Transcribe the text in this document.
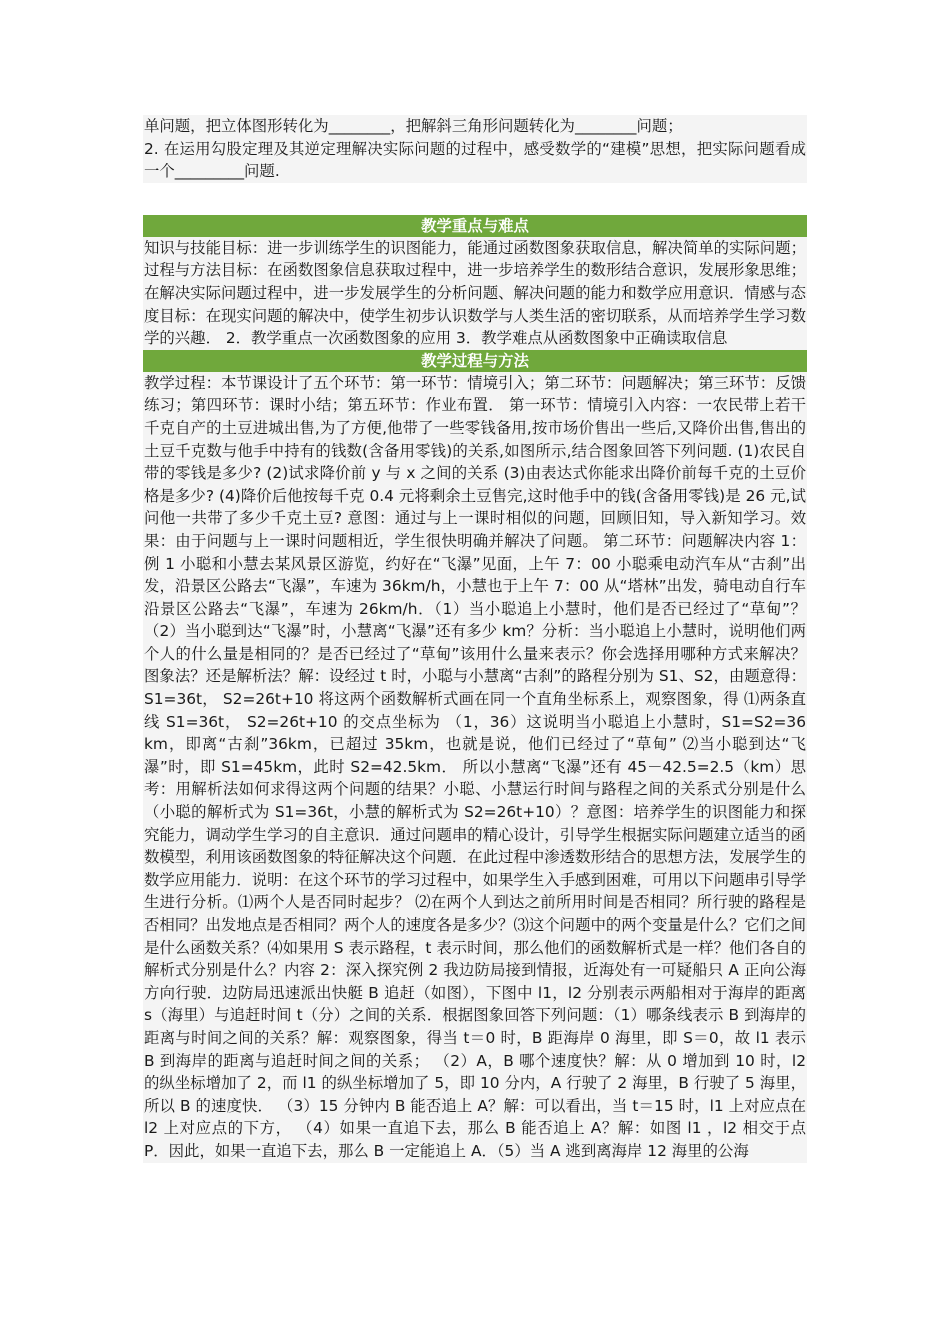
单问题，把立体图形转化为________，把解斜三角形问题转化为________问题；
2. 在运用勾股定理及其逆定理解决实际问题的过程中，感受数学的“建模”思想，把实际问题看成一个_________问题.
教学重点与难点
知识与技能目标：进一步训练学生的识图能力，能通过函数图象获取信息，解决简单的实际问题；过程与方法目标：在函数图象信息获取过程中，进一步培养学生的数形结合意识，发展形象思维；在解决实际问题过程中，进一步发展学生的分析问题、解决问题的能力和数学应用意识．情感与态度目标：在现实问题的解决中，使学生初步认识数学与人类生活的密切联系，从而培养学生学习数学的兴趣． 2．教学重点一次函数图象的应用 3．教学难点从函数图象中正确读取信息
教学过程与方法
教学过程：本节课设计了五个环节：第一环节：情境引入；第二环节：问题解决；第三环节：反馈练习；第四环节：课时小结；第五环节：作业布置． 第一环节：情境引入内容：一农民带上若干千克自产的土豆进城出售,为了方便,他带了一些零钱备用,按市场价售出一些后,又降价出售,售出的土豆千克数与他手中持有的钱数(含备用零钱)的关系,如图所示,结合图象回答下列问题. (1)农民自带的零钱是多少? (2)试求降价前 y 与 x 之间的关系 (3)由表达式你能求出降价前每千克的土豆价格是多少? (4)降价后他按每千克 0.4 元将剩余土豆售完,这时他手中的钱(含备用零钱)是 26 元,试问他一共带了多少千克土豆? 意图：通过与上一课时相似的问题，回顾旧知，导入新知学习。效果：由于问题与上一课时问题相近，学生很快明确并解决了问题。 第二环节：问题解决内容 1：例 1 小聪和小慧去某风景区游览，约好在“飞瀑”见面，上午 7：00 小聪乘电动汽车从“古刹”出发，沿景区公路去“飞瀑”，车速为 36km/h，小慧也于上午 7：00 从“塔林”出发，骑电动自行车沿景区公路去“飞瀑”，车速为 26km/h．（1）当小聪追上小慧时，他们是否已经过了“草甸”？（2）当小聪到达“飞瀑”时，小慧离“飞瀑”还有多少 km？分析：当小聪追上小慧时，说明他们两个人的什么量是相同的？是否已经过了“草甸”该用什么量来表示？你会选择用哪种方式来解决？图象法？还是解析法？解：设经过 t 时，小聪与小慧离“古刹”的路程分别为 S1、S2，由题意得：S1=36t， S2=26t+10 将这两个函数解析式画在同一个直角坐标系上，观察图象，得 ⑴两条直线 S1=36t， S2=26t+10 的交点坐标为 （1，36）这说明当小聪追上小慧时，S1=S2=36 km，即离“古刹”36km，已超过 35km，也就是说，他们已经过了“草甸” ⑵当小聪到达“飞瀑”时，即 S1=45km，此时 S2=42.5km． 所以小慧离“飞瀑”还有 45－42.5=2.5（km）思考：用解析法如何求得这两个问题的结果？小聪、小慧运行时间与路程之间的关系式分别是什么（小聪的解析式为 S1=36t，小慧的解析式为 S2=26t+10）？意图：培养学生的识图能力和探究能力，调动学生学习的自主意识．通过问题串的精心设计，引导学生根据实际问题建立适当的函数模型，利用该函数图象的特征解决这个问题．在此过程中渗透数形结合的思想方法，发展学生的数学应用能力．说明：在这个环节的学习过程中，如果学生入手感到困难，可用以下问题串引导学生进行分析。⑴两个人是否同时起步？ ⑵在两个人到达之前所用时间是否相同？所行驶的路程是否相同？出发地点是否相同？两个人的速度各是多少？⑶这个问题中的两个变量是什么？它们之间是什么函数关系？⑷如果用 S 表示路程，t 表示时间，那么他们的函数解析式是一样？他们各自的解析式分别是什么？内容 2：深入探究例 2 我边防局接到情报，近海处有一可疑船只 A 正向公海方向行驶．边防局迅速派出快艇 B 追赶（如图），下图中 l1，l2 分别表示两船相对于海岸的距离 s（海里）与追赶时间 t（分）之间的关系．根据图象回答下列问题：（1）哪条线表示 B 到海岸的距离与时间之间的关系？解：观察图象，得当 t＝0 时，B 距海岸 0 海里，即 S＝0，故 l1 表示 B 到海岸的距离与追赶时间之间的关系； （2）A，B 哪个速度快？解：从 0 增加到 10 时，l2 的纵坐标增加了 2，而 l1 的纵坐标增加了 5，即 10 分内，A 行驶了 2 海里，B 行驶了 5 海里，所以 B 的速度快． （3）15 分钟内 B 能否追上 A？解：可以看出，当 t＝15 时，l1 上对应点在 l2 上对应点的下方， （4）如果一直追下去，那么 B 能否追上 A？解：如图 l1 ，l2 相交于点 P．因此，如果一直追下去，那么 B 一定能追上 A．（5）当 A 逃到离海岸 12 海里的公海
